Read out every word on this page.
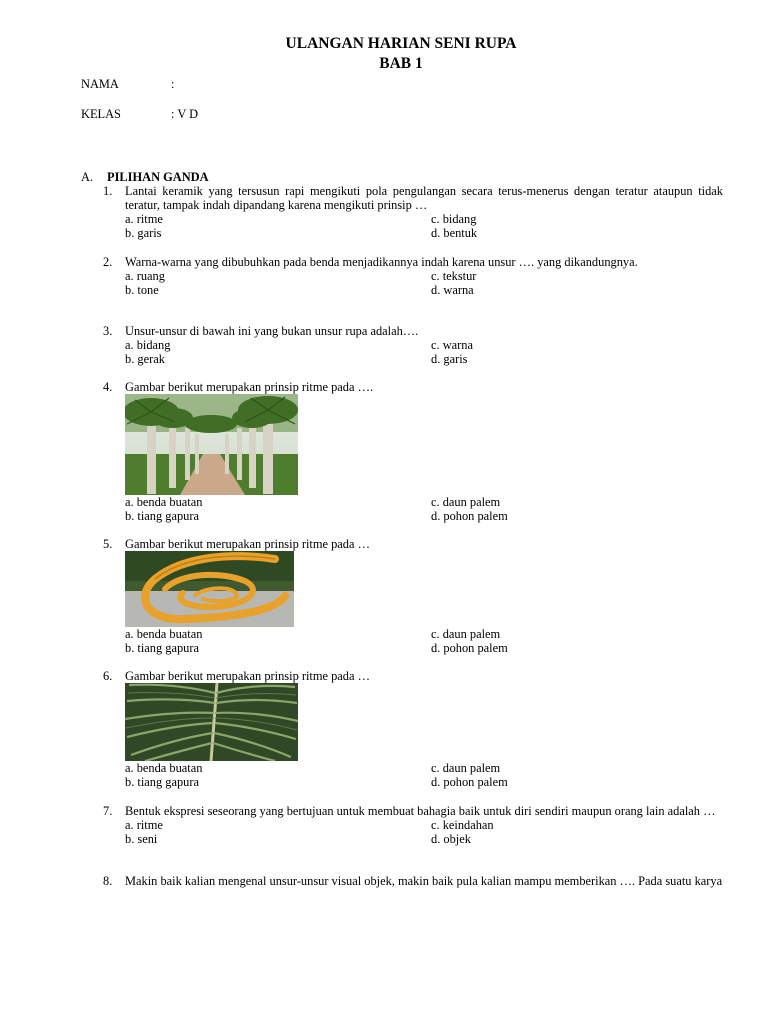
ULANGAN HARIAN SENI RUPA
BAB 1
NAMA	:
KELAS	: V D
A. PILIHAN GANDA
1.	Lantai keramik yang tersusun rapi mengikuti pola pengulangan secara terus-menerus dengan teratur ataupun tidak teratur, tampak indah dipandang karena mengikuti prinsip …
a. ritme	c. bidang
b. garis	d. bentuk
2.	Warna-warna yang dibubuhkan pada benda menjadikannya indah karena unsur …. yang dikandungnya.
a. ruang	c. tekstur
b. tone	d. warna
3.	Unsur-unsur di bawah ini yang bukan unsur rupa adalah….
a. bidang	c. warna
b. gerak	d. garis
4.	Gambar berikut merupakan prinsip ritme pada ….
a. benda buatan	c. daun palem
b. tiang gapura	d. pohon palem
5.	Gambar berikut merupakan prinsip ritme pada …
a. benda buatan	c. daun palem
b. tiang gapura	d. pohon palem
6.	Gambar berikut merupakan prinsip ritme pada …
a. benda buatan	c. daun palem
b. tiang gapura	d. pohon palem
7.	Bentuk ekspresi seseorang yang bertujuan untuk membuat bahagia baik untuk diri sendiri maupun orang lain adalah …
a. ritme	c. keindahan
b. seni	d. objek
8.	Makin baik kalian mengenal unsur-unsur visual objek, makin baik pula kalian mampu memberikan …. Pada suatu karya
